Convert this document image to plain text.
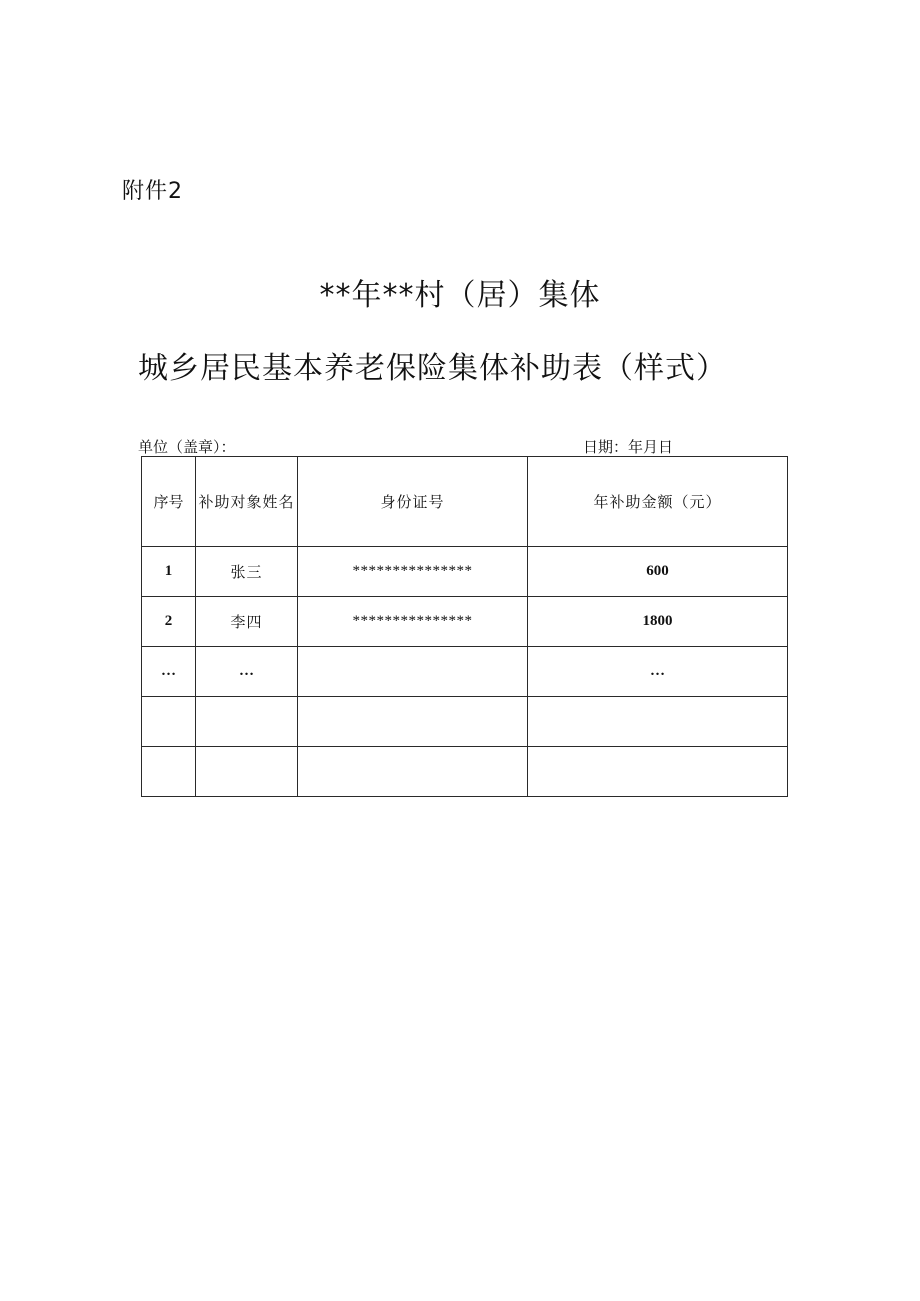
附件2
**年**村（居）集体
城乡居民基本养老保险集体补助表（样式）
单位（盖章）：	日期：年月日
序号	补助对象姓名	身份证号	年补助金额（元）
1	张三	***************	600
2	李四	***************	1800
…	…		…
